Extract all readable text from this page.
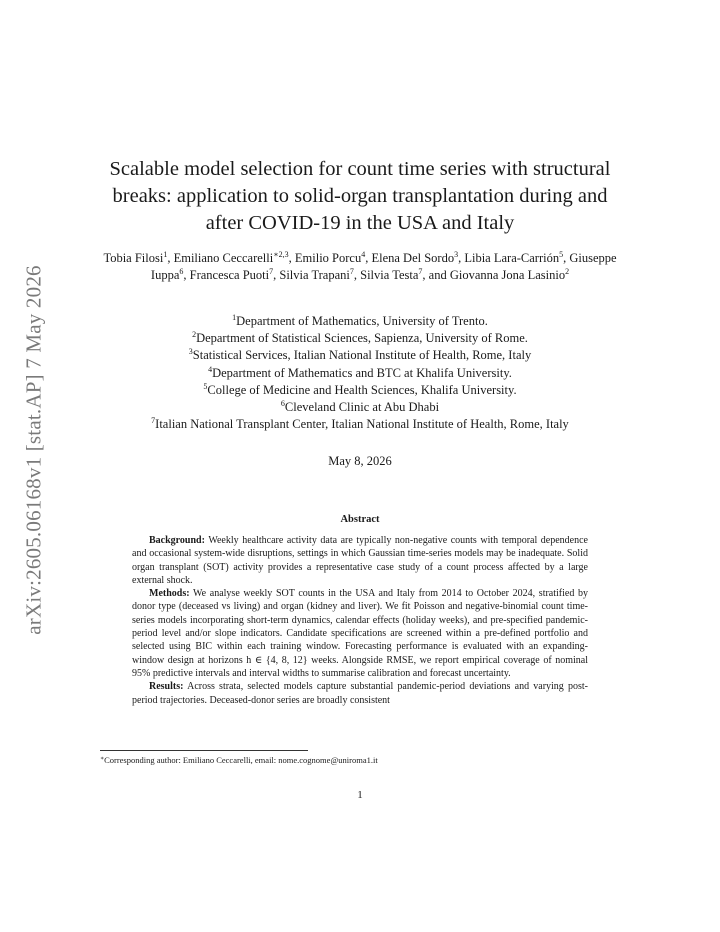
arXiv:2605.06168v1 [stat.AP] 7 May 2026
Scalable model selection for count time series with structural
breaks: application to solid-organ transplantation during and
after COVID-19 in the USA and Italy
Tobia Filosi$^1$, Emiliano Ceccarelli$^{∗2,3}$, Emilio Porcu$^4$, Elena Del Sordo$^3$, Libia Lara-Carrión$^5$, Giuseppe Iuppa$^6$, Francesca Puoti$^7$, Silvia Trapani$^7$, Silvia Testa$^7$, and Giovanna Jona Lasinio$^2$
$^1$Department of Mathematics, University of Trento.
$^2$Department of Statistical Sciences, Sapienza, University of Rome.
$^3$Statistical Services, Italian National Institute of Health, Rome, Italy
$^4$Department of Mathematics and BTC at Khalifa University.
$^5$College of Medicine and Health Sciences, Khalifa University.
$^6$Cleveland Clinic at Abu Dhabi
$^7$Italian National Transplant Center, Italian National Institute of Health, Rome, Italy
May 8, 2026
Abstract

Background: Weekly healthcare activity data are typically non-negative counts with temporal dependence and occasional system-wide disruptions, settings in which Gaussian time-series models may be inadequate. Solid organ transplant (SOT) activity provides a representative case study of a count process affected by a large external shock.

Methods: We analyse weekly SOT counts in the USA and Italy from 2014 to October 2024, stratified by donor type (deceased vs living) and organ (kidney and liver). We fit Poisson and negative-binomial count time-series models incorporating short-term dynamics, calendar effects (holiday weeks), and pre-specified pandemic-period level and/or slope indicators. Candidate specifications are screened within a pre-defined portfolio and selected using BIC within each training window. Forecasting performance is evaluated with an expanding-window design at horizons h ∈ {4, 8, 12} weeks. Alongside RMSE, we report empirical coverage of nominal 95% predictive intervals and interval widths to summarise calibration and forecast uncertainty.

Results: Across strata, selected models capture substantial pandemic-period deviations and varying post-period trajectories. Deceased-donor series are broadly consistent

∗Corresponding author: Emiliano Ceccarelli, email: nome.cognome@uniroma1.it
1
